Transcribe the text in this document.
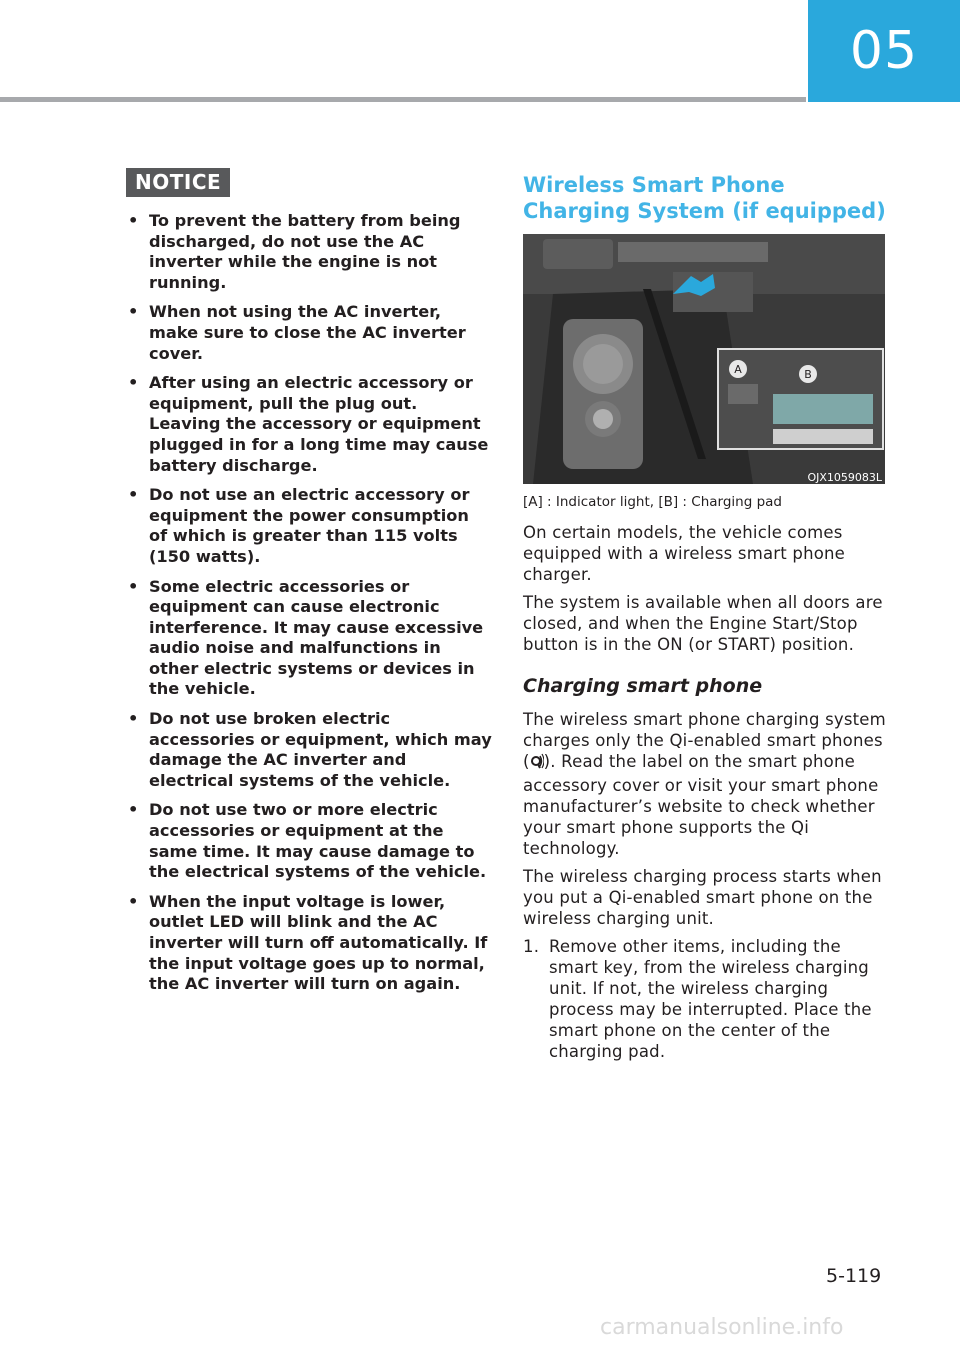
05
NOTICE
• To prevent the battery from being discharged, do not use the AC inverter while the engine is not running.
• When not using the AC inverter, make sure to close the AC inverter cover.
• After using an electric accessory or equipment, pull the plug out. Leaving the accessory or equipment plugged in for a long time may cause battery discharge.
• Do not use an electric accessory or equipment the power consumption of which is greater than 115 volts (150 watts).
• Some electric accessories or equipment can cause electronic interference. It may cause excessive audio noise and malfunctions in other electric systems or devices in the vehicle.
• Do not use broken electric accessories or equipment, which may damage the AC inverter and electrical systems of the vehicle.
• Do not use two or more electric accessories or equipment at the same time. It may cause damage to the electrical systems of the vehicle.
• When the input voltage is lower, outlet LED will blink and the AC inverter will turn off automatically. If the input voltage goes up to normal, the AC inverter will turn on again.
Wireless Smart Phone Charging System (if equipped)
A	B
OJX1059083L
[A] : Indicator light, [B] : Charging pad

On certain models, the vehicle comes equipped with a wireless smart phone charger.

The system is available when all doors are closed, and when the Engine Start/Stop button is in the ON (or START) position.

Charging smart phone

The wireless smart phone charging system charges only the Qi-enabled smart phones ( ). Read the label on the smart phone accessory cover or visit your smart phone manufacturer’s website to check whether your smart phone supports the Qi technology.

The wireless charging process starts when you put a Qi-enabled smart phone on the wireless charging unit.

1. Remove other items, including the smart key, from the wireless charging unit. If not, the wireless charging process may be interrupted. Place the smart phone on the center of the charging pad.
5-119
carmanualsonline.info
